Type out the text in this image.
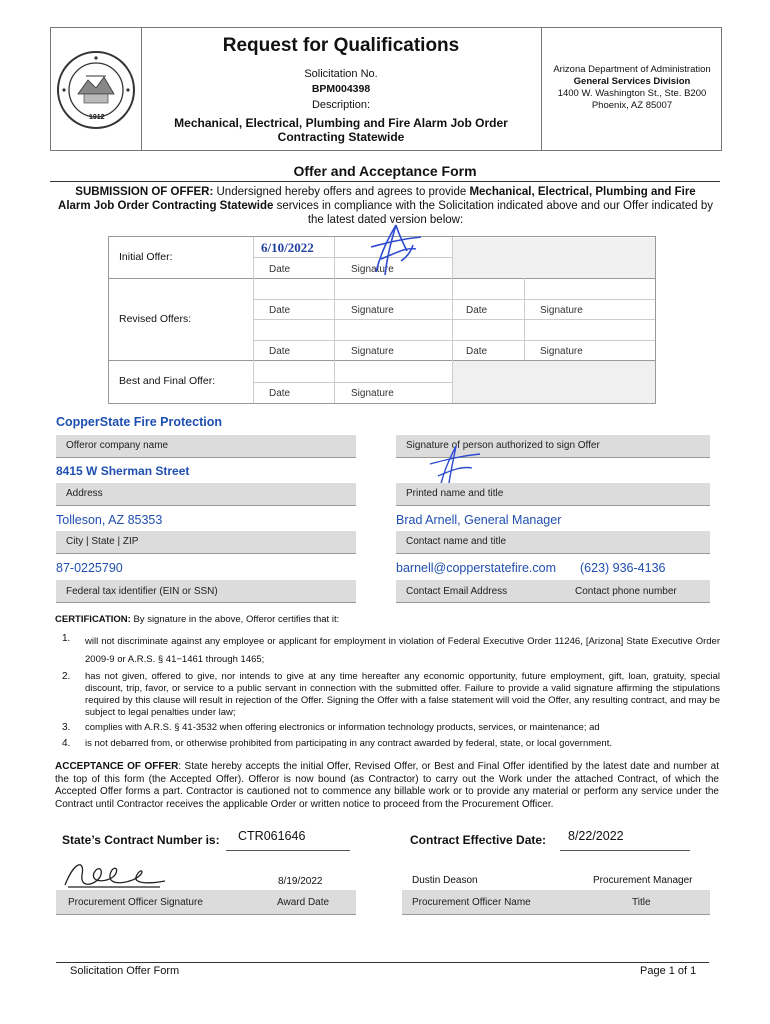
1912
Request for Qualifications
Solicitation No.
BPM004398
Description:
Mechanical, Electrical, Plumbing and Fire Alarm Job Order Contracting Statewide
Arizona Department of Administration
General Services Division
1400 W. Washington St., Ste. B200
Phoenix, AZ 85007
Offer and Acceptance Form
SUBMISSION OF OFFER: Undersigned hereby offers and agrees to provide Mechanical, Electrical, Plumbing and Fire Alarm Job Order Contracting Statewide services in compliance with the Solicitation indicated above and our Offer indicated by the latest dated version below:
Initial Offer:
6/10/2022
Date	Signature
Revised Offers:
Date	Signature	Date	Signature
Date	Signature	Date	Signature
Best and Final Offer:
Date	Signature
CopperState Fire Protection
Offeror company name	Signature of person authorized to sign Offer
8415 W Sherman Street
Address	Printed name and title
Tolleson, AZ 85353	Brad Arnell, General Manager
City | State | ZIP	Contact name and title
87-0225790	barnell@copperstatefire.com (623) 936-4136
Federal tax identifier (EIN or SSN)	Contact Email Address	Contact phone number
CERTIFICATION: By signature in the above, Offeror certifies that it:
1. will not discriminate against any employee or applicant for employment in violation of Federal Executive Order 11246, [Arizona] State Executive Order 2009-9 or A.R.S. § 41−1461 through 1465;
2. has not given, offered to give, nor intends to give at any time hereafter any economic opportunity, future employment, gift, loan, gratuity, special discount, trip, favor, or service to a public servant in connection with the submitted offer. Failure to provide a valid signature affirming the stipulations required by this clause will result in rejection of the Offer. Signing the Offer with a false statement will void the Offer, any resulting contract, and may be subject to legal penalties under law;
3. complies with A.R.S. § 41-3532 when offering electronics or information technology products, services, or maintenance; ad
4. is not debarred from, or otherwise prohibited from participating in any contract awarded by federal, state, or local government.
ACCEPTANCE OF OFFER: State hereby accepts the initial Offer, Revised Offer, or Best and Final Offer identified by the latest date and number at the top of this form (the Accepted Offer). Offeror is now bound (as Contractor) to carry out the Work under the attached Contract, of which the Accepted Offer forms a part. Contractor is cautioned not to commence any billable work or to provide any material or perform any service under the Contract until Contractor receives the applicable Order or written notice to proceed from the Procurement Officer.
State’s Contract Number is: CTR061646	Contract Effective Date: 8/22/2022
8/19/2022	Dustin Deason	Procurement Manager
Procurement Officer Signature	Award Date	Procurement Officer Name	Title
Solicitation Offer Form	Page 1 of 1
